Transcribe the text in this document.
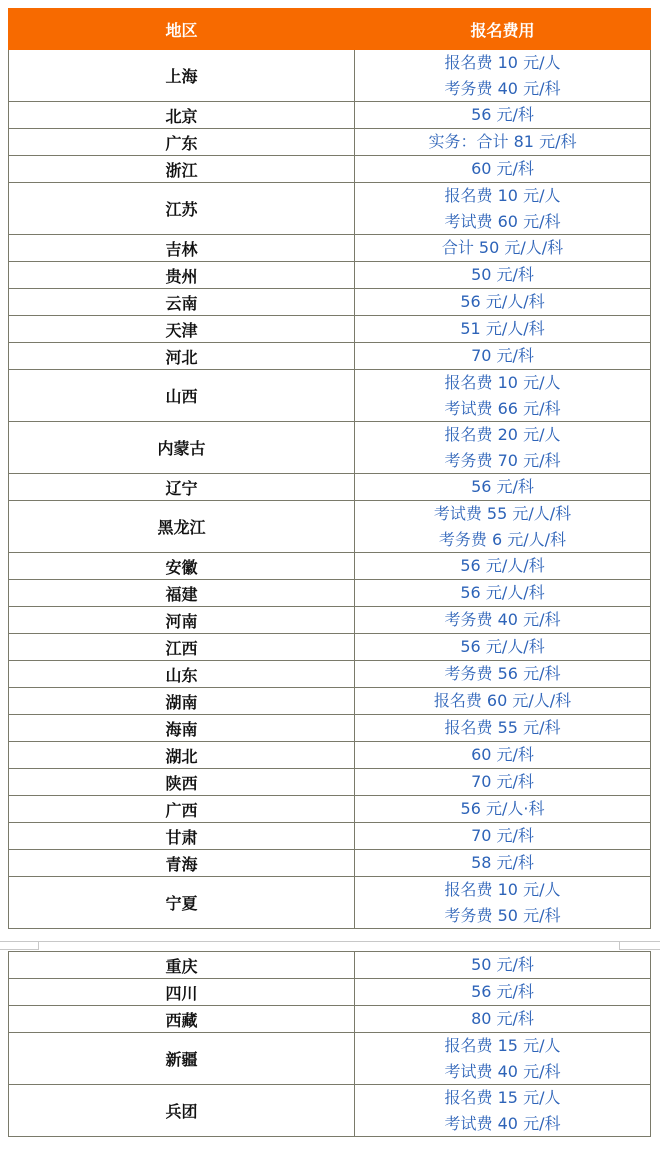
地区	报名费用
上海	报名费 10 元/人
考务费 40 元/科

北京	56 元/科

广东	实务：合计 81 元/科

浙江	60 元/科

江苏	报名费 10 元/人
考试费 60 元/科

吉林	合计 50 元/人/科

贵州	50 元/科

云南	56 元/人/科

天津	51 元/人/科

河北	70 元/科

山西	报名费 10 元/人
考试费 66 元/科

内蒙古	报名费 20 元/人
考务费 70 元/科

辽宁	56 元/科

黑龙江	考试费 55 元/人/科
考务费 6 元/人/科

安徽	56 元/人/科

福建	56 元/人/科

河南	考务费 40 元/科

江西	56 元/人/科

山东	考务费 56 元/科

湖南	报名费 60 元/人/科

海南	报名费 55 元/科

湖北	60 元/科

陕西	70 元/科

广西	56 元/人·科

甘肃	70 元/科

青海	58 元/科

宁夏	报名费 10 元/人
考务费 50 元/科
重庆	50 元/科

四川	56 元/科

西藏	80 元/科

新疆	报名费 15 元/人
考试费 40 元/科

兵团	报名费 15 元/人
考试费 40 元/科
